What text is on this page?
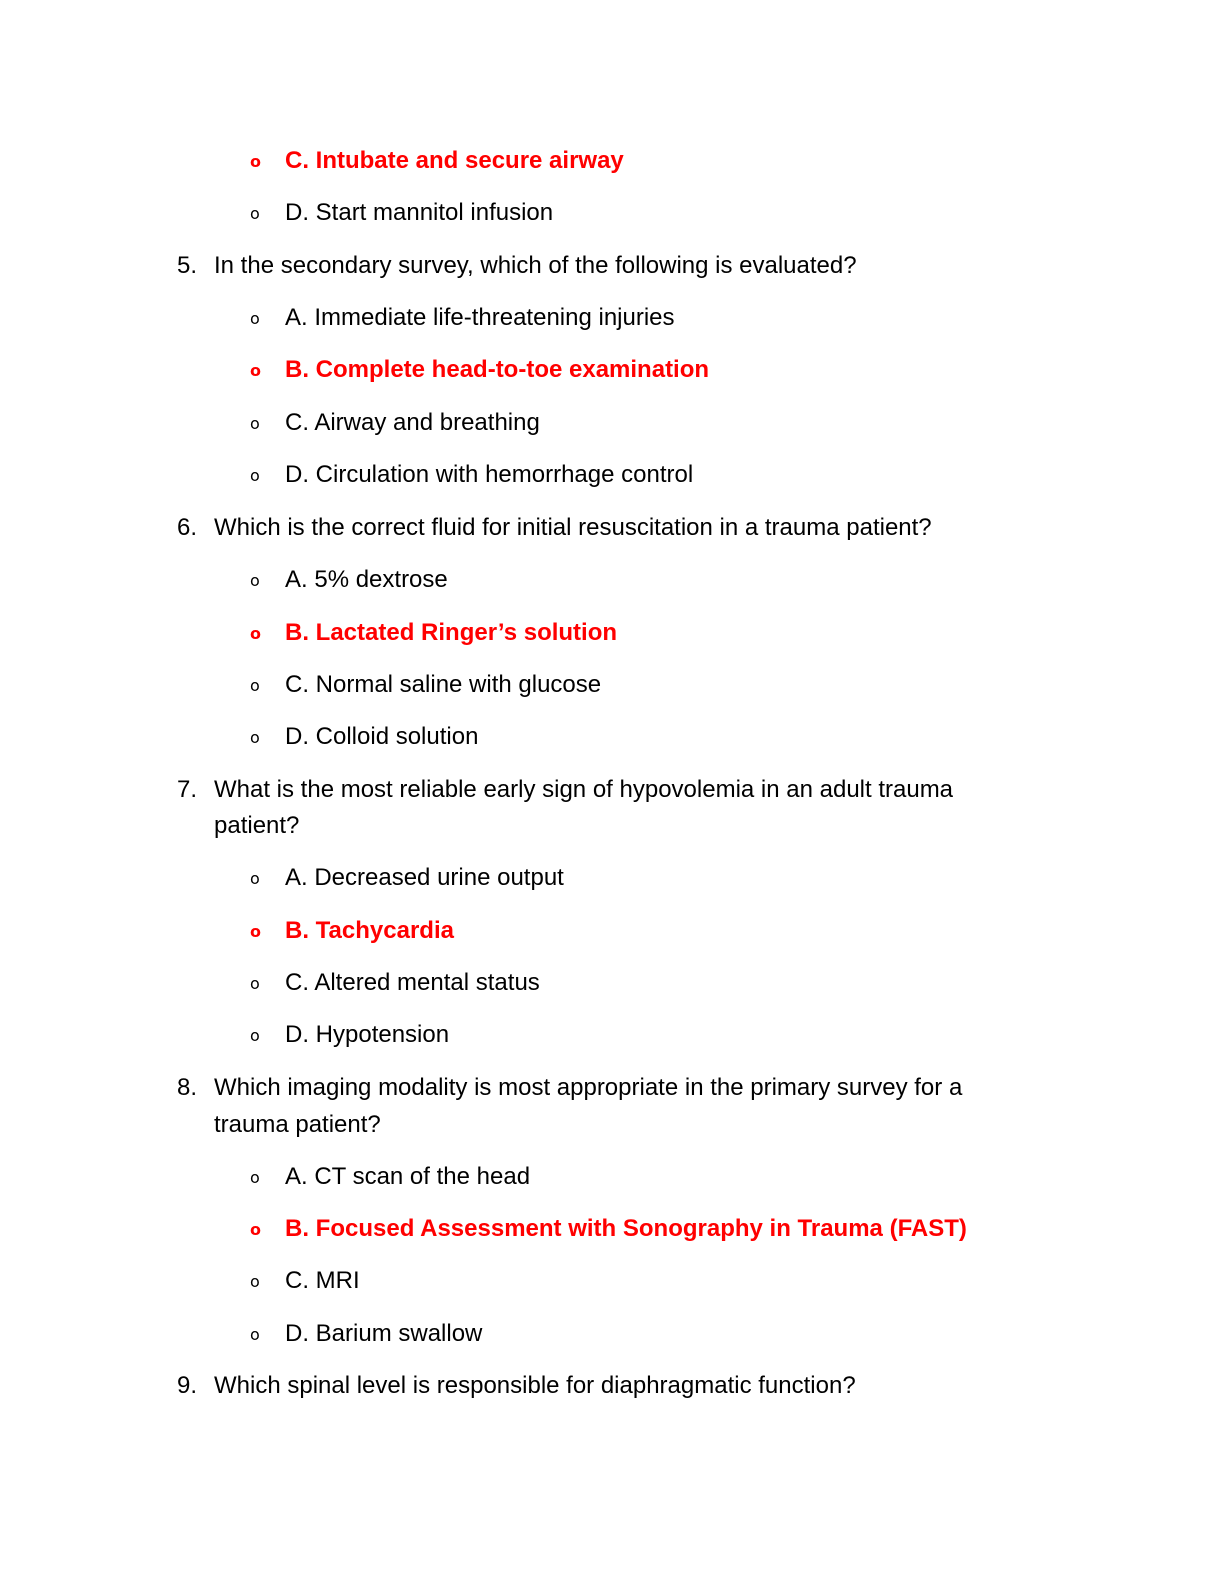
o C. Intubate and secure airway
o D. Start mannitol infusion
5. In the secondary survey, which of the following is evaluated?
o A. Immediate life-threatening injuries
o B. Complete head-to-toe examination
o C. Airway and breathing
o D. Circulation with hemorrhage control
6. Which is the correct fluid for initial resuscitation in a trauma patient?
o A. 5% dextrose
o B. Lactated Ringer’s solution
o C. Normal saline with glucose
o D. Colloid solution
7. What is the most reliable early sign of hypovolemia in an adult trauma
patient?
o A. Decreased urine output
o B. Tachycardia
o C. Altered mental status
o D. Hypotension
8. Which imaging modality is most appropriate in the primary survey for a
trauma patient?
o A. CT scan of the head
o B. Focused Assessment with Sonography in Trauma (FAST)
o C. MRI
o D. Barium swallow
9. Which spinal level is responsible for diaphragmatic function?
